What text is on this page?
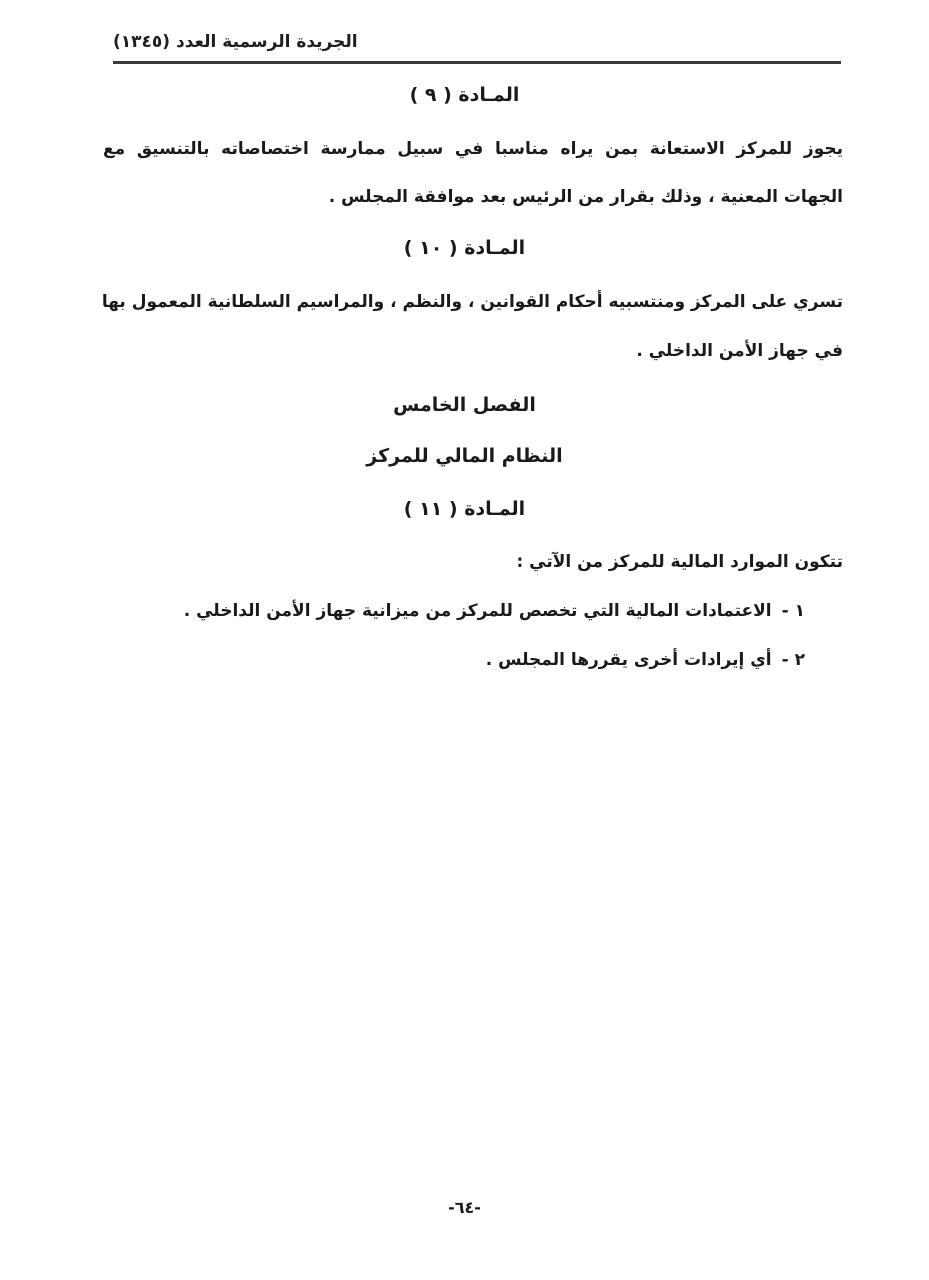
الجريدة الرسمية العدد (١٣٤٥)
المـادة ( ٩ )
يجوز للمركز الاستعانة بمن يراه مناسبا في سبيل ممارسة اختصاصاته بالتنسيق مع
الجهات المعنية ، وذلك بقرار من الرئيس بعد موافقة المجلس .
المـادة ( ١٠ )
تسري على المركز ومنتسبيه أحكام القوانين ، والنظم ، والمراسيم السلطانية المعمول بها
في جهاز الأمن الداخلي .
الفصل الخامس
النظام المالي للمركز
المـادة ( ١١ )
تتكون الموارد المالية للمركز من الآتي :
١ -الاعتمادات المالية التي تخصص للمركز من ميزانية جهاز الأمن الداخلي .
٢ -أي إيرادات أخرى يقررها المجلس .
-٦٤-
